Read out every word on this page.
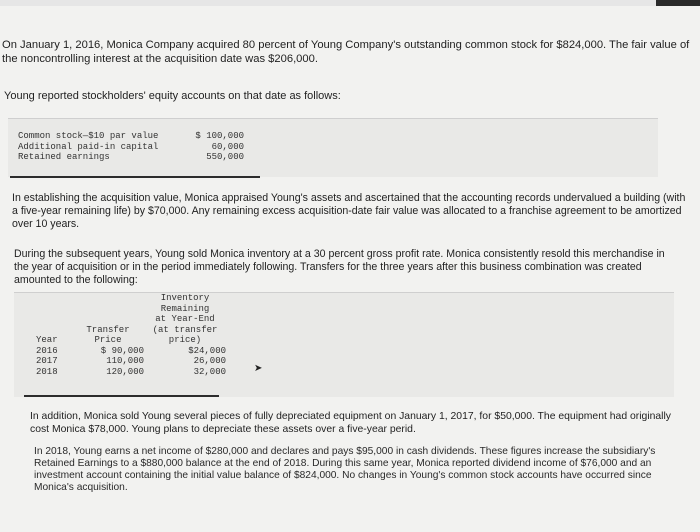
On January 1, 2016, Monica Company acquired 80 percent of Young Company's outstanding common stock for $824,000. The fair value of the noncontrolling interest at the acquisition date was $206,000.

Young reported stockholders' equity accounts on that date as follows:

Common stock—$10 par value	$ 100,000
Additional paid-in capital	60,000
Retained earnings	550,000

In establishing the acquisition value, Monica appraised Young's assets and ascertained that the accounting records undervalued a building (with a five-year remaining life) by $70,000. Any remaining excess acquisition-date fair value was allocated to a franchise agreement to be amortized over 10 years.

During the subsequent years, Young sold Monica inventory at a 30 percent gross profit rate. Monica consistently resold this merchandise in the year of acquisition or in the period immediately following. Transfers for the three years after this business combination was created amounted to the following:

		Inventory
Remaining
at Year-End

	Transfer	(at transfer
Year	Price	price)
2016	$ 90,000	$24,000
2017	110,000	26,000
2018	120,000	32,000	➤

In addition, Monica sold Young several pieces of fully depreciated equipment on January 1, 2017, for $50,000. The equipment had originally cost Monica $78,000. Young plans to depreciate these assets over a five-year perid.

In 2018, Young earns a net income of $280,000 and declares and pays $95,000 in cash dividends. These figures increase the subsidiary's Retained Earnings to a $880,000 balance at the end of 2018. During this same year, Monica reported dividend income of $76,000 and an investment account containing the initial value balance of $824,000. No changes in Young's common stock accounts have occurred since Monica's acquisition.
